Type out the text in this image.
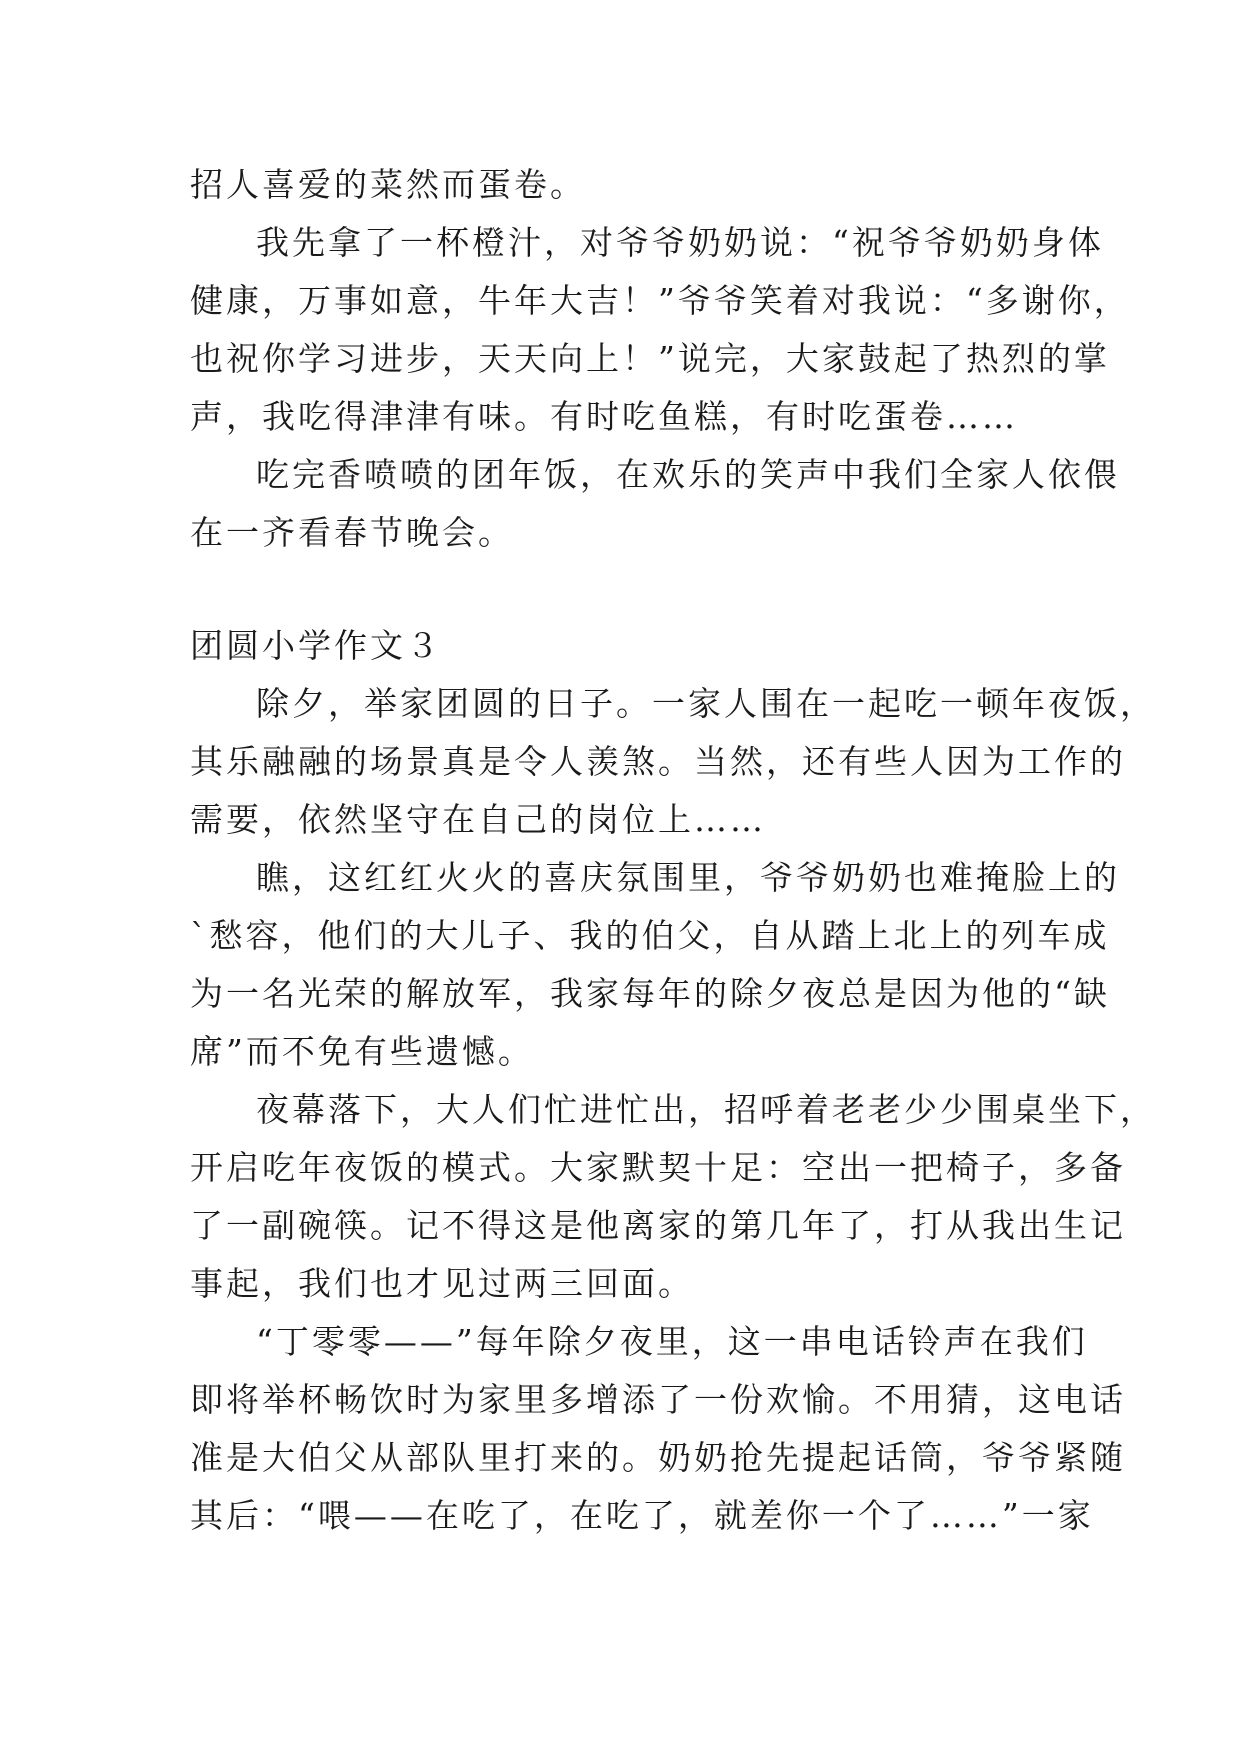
招人喜爱的菜然而蛋卷。
我先拿了一杯橙汁，对爷爷奶奶说：“祝爷爷奶奶身体
健康，万事如意，牛年大吉！”爷爷笑着对我说：“多谢你，
也祝你学习进步，天天向上！”说完，大家鼓起了热烈的掌
声，我吃得津津有味。有时吃鱼糕，有时吃蛋卷……
吃完香喷喷的团年饭，在欢乐的笑声中我们全家人依偎
在一齐看春节晚会。
团圆小学作文３
除夕，举家团圆的日子。一家人围在一起吃一顿年夜饭，
其乐融融的场景真是令人羡煞。当然，还有些人因为工作的
需要，依然坚守在自己的岗位上……
瞧，这红红火火的喜庆氛围里，爷爷奶奶也难掩脸上的
`愁容，他们的大儿子、我的伯父，自从踏上北上的列车成
为一名光荣的解放军，我家每年的除夕夜总是因为他的“缺
席”而不免有些遗憾。
夜幕落下，大人们忙进忙出，招呼着老老少少围桌坐下，
开启吃年夜饭的模式。大家默契十足：空出一把椅子，多备
了一副碗筷。记不得这是他离家的第几年了，打从我出生记
事起，我们也才见过两三回面。
“丁零零——”每年除夕夜里，这一串电话铃声在我们
即将举杯畅饮时为家里多增添了一份欢愉。不用猜，这电话
准是大伯父从部队里打来的。奶奶抢先提起话筒，爷爷紧随
其后：“喂——在吃了，在吃了，就差你一个了……”一家
